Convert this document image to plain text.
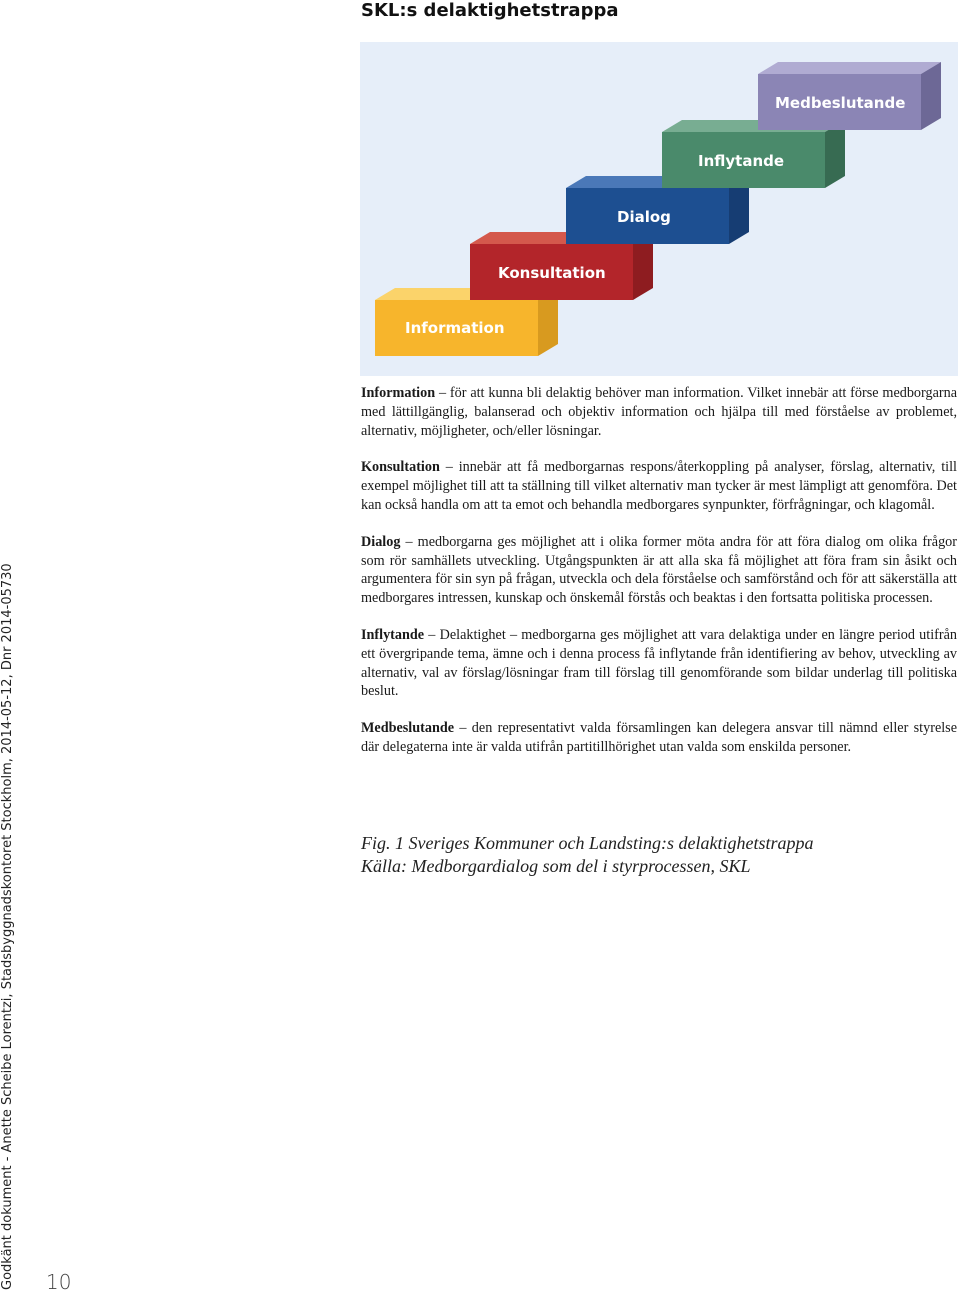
SKL:s delaktighetstrappa
Information
Konsultation
Dialog
Inflytande
Medbeslutande

Information – för att kunna bli delaktig behöver man information. Vilket innebär att förse medborgarna med lättillgänglig, balanserad och objektiv information och hjälpa till med förståelse av problemet, alternativ, möjligheter, och/eller lösningar.

Konsultation – innebär att få medborgarnas respons/återkoppling på analyser, förslag, alternativ, till exempel möjlighet till att ta ställning till vilket alternativ man tycker är mest lämpligt att genomföra. Det kan också handla om att ta emot och behandla medborgares synpunkter, förfrågningar, och klagomål.

Dialog – medborgarna ges möjlighet att i olika former möta andra för att föra dialog om olika frågor som rör samhällets utveckling. Utgångspunkten är att alla ska få möjlighet att föra fram sin åsikt och argumentera för sin syn på frågan, utveckla och dela förståelse och samförstånd och för att säkerställa att medborgares intressen, kunskap och önskemål förstås och beaktas i den fortsatta politiska processen.

Inflytande – Delaktighet – medborgarna ges möjlighet att vara delaktiga under en längre period utifrån ett övergripande tema, ämne och i denna process få inflytande från identifiering av behov, utveckling av alternativ, val av förslag/lösningar fram till förslag till genomförande som bildar underlag till politiska beslut.

Medbeslutande – den representativt valda församlingen kan delegera ansvar till nämnd eller styrelse där delegaterna inte är valda utifrån partitillhörighet utan valda som enskilda personer.

Fig. 1 Sveriges Kommuner och Landsting:s delaktighetstrappa
Källa: Medborgardialog som del i styrprocessen, SKL
Godkänt dokument - Anette Scheibe Lorentzi, Stadsbyggnadskontoret Stockholm, 2014-05-12, Dnr 2014-05730 10
